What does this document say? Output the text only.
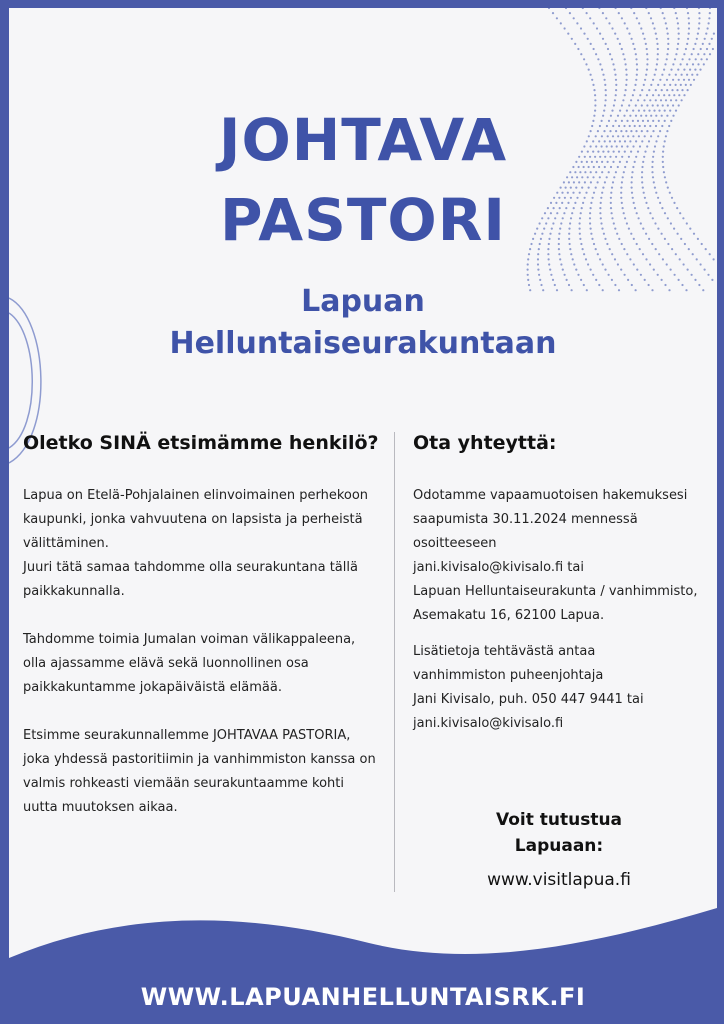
JOHTAVA
PASTORI
Lapuan
Helluntaiseurakuntaan
Oletko SINÄ etsimämme henkilö? Ota yhteyttä:

Lapua on Etelä-Pohjalainen elinvoimainen perhekoon

kaupunki, jonka vahvuutena on lapsista ja perheistä

välittäminen.

Juuri tätä samaa tahdomme olla seurakuntana tällä

paikkakunnalla.

Tahdomme toimia Jumalan voiman välikappaleena,

olla ajassamme elävä sekä luonnollinen osa

paikkakuntamme jokapäiväistä elämää.

Etsimme seurakunnallemme JOHTAVAA PASTORIA,

joka yhdessä pastoritiimin ja vanhimmiston kanssa on

valmis rohkeasti viemään seurakuntaamme kohti

uutta muutoksen aikaa.

Odotamme vapaamuotoisen hakemuksesi

saapumista 30.11.2024 mennessä

osoitteeseen

jani.kivisalo@kivisalo.fi tai

Lapuan Helluntaiseurakunta / vanhimmisto,

Asemakatu 16, 62100 Lapua.

Lisätietoja tehtävästä antaa

vanhimmiston puheenjohtaja

Jani Kivisalo, puh. 050 447 9441 tai

jani.kivisalo@kivisalo.fi

Voit tutustua
Lapuaan:
www.visitlapua.fi
WWW.LAPUANHELLUNTAISRK.FI
